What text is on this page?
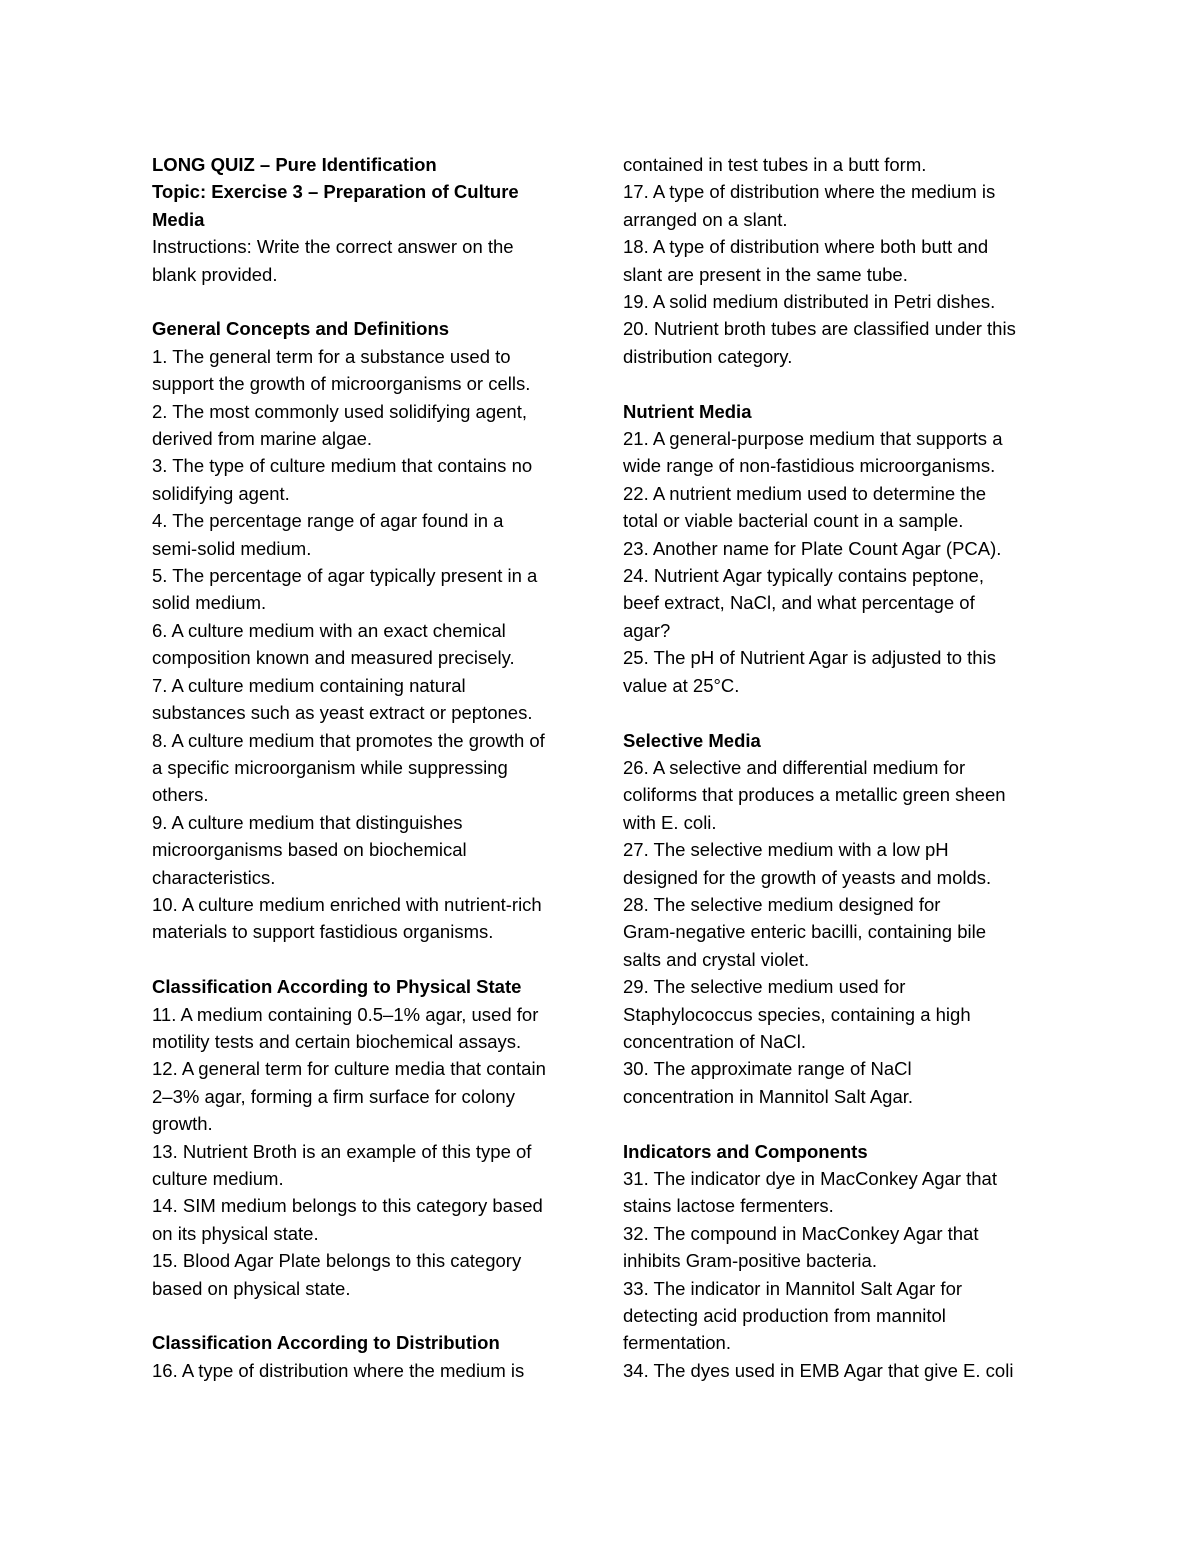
LONG QUIZ – Pure Identification
Topic: Exercise 3 – Preparation of Culture
Media
Instructions: Write the correct answer on the
blank provided.
General Concepts and Definitions
1. The general term for a substance used to
support the growth of microorganisms or cells.
2. The most commonly used solidifying agent,
derived from marine algae.
3. The type of culture medium that contains no
solidifying agent.
4. The percentage range of agar found in a
semi-solid medium.
5. The percentage of agar typically present in a
solid medium.
6. A culture medium with an exact chemical
composition known and measured precisely.
7. A culture medium containing natural
substances such as yeast extract or peptones.
8. A culture medium that promotes the growth of
a specific microorganism while suppressing
others.
9. A culture medium that distinguishes
microorganisms based on biochemical
characteristics.
10. A culture medium enriched with nutrient-rich
materials to support fastidious organisms.
Classification According to Physical State
11. A medium containing 0.5–1% agar, used for
motility tests and certain biochemical assays.
12. A general term for culture media that contain
2–3% agar, forming a firm surface for colony
growth.
13. Nutrient Broth is an example of this type of
culture medium.
14. SIM medium belongs to this category based
on its physical state.
15. Blood Agar Plate belongs to this category
based on physical state.
Classification According to Distribution
16. A type of distribution where the medium is
contained in test tubes in a butt form.
17. A type of distribution where the medium is
arranged on a slant.
18. A type of distribution where both butt and
slant are present in the same tube.
19. A solid medium distributed in Petri dishes.
20. Nutrient broth tubes are classified under this
distribution category.
Nutrient Media
21. A general-purpose medium that supports a
wide range of non-fastidious microorganisms.
22. A nutrient medium used to determine the
total or viable bacterial count in a sample.
23. Another name for Plate Count Agar (PCA).
24. Nutrient Agar typically contains peptone,
beef extract, NaCl, and what percentage of
agar?
25. The pH of Nutrient Agar is adjusted to this
value at 25°C.
Selective Media
26. A selective and differential medium for
coliforms that produces a metallic green sheen
with E. coli.
27. The selective medium with a low pH
designed for the growth of yeasts and molds.
28. The selective medium designed for
Gram-negative enteric bacilli, containing bile
salts and crystal violet.
29. The selective medium used for
Staphylococcus species, containing a high
concentration of NaCl.
30. The approximate range of NaCl
concentration in Mannitol Salt Agar.
Indicators and Components
31. The indicator dye in MacConkey Agar that
stains lactose fermenters.
32. The compound in MacConkey Agar that
inhibits Gram-positive bacteria.
33. The indicator in Mannitol Salt Agar for
detecting acid production from mannitol
fermentation.
34. The dyes used in EMB Agar that give E. coli
